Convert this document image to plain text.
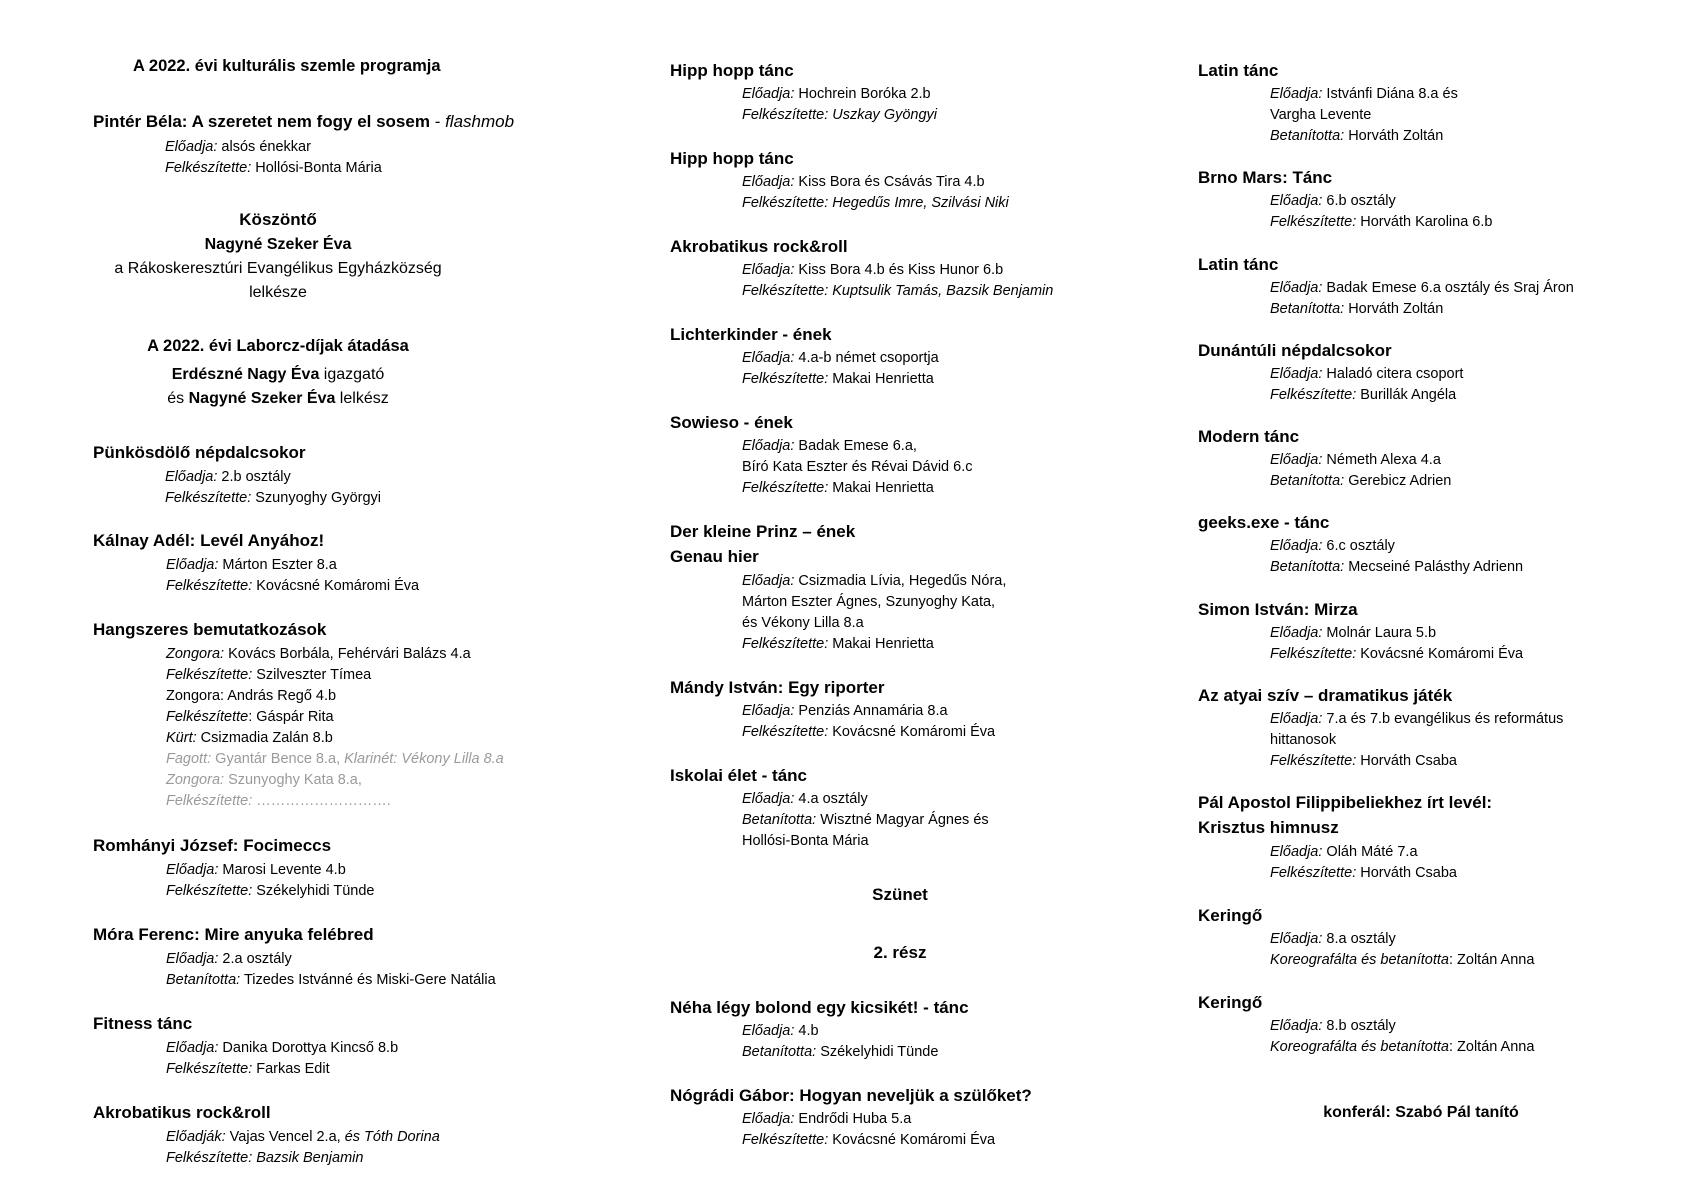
A 2022. évi kulturális szemle programja
Pintér Béla: A szeretet nem fogy el sosem - flashmob
Előadja: alsós énekkar
Felkészítette: Hollósi-Bonta Mária
Köszöntő
Nagyné Szeker Éva
a Rákoskeresztúri Evangélikus Egyházközség
lelkésze
A 2022. évi Laborcz-díjak átadása
Erdészné Nagy Éva igazgató
és Nagyné Szeker Éva lelkész
Pünkösdölő népdalcsokor
Előadja: 2.b osztály
Felkészítette: Szunyoghy Györgyi
Kálnay Adél: Levél Anyához!
Előadja: Márton Eszter 8.a
Felkészítette: Kovácsné Komáromi Éva
Hangszeres bemutatkozások
Zongora: Kovács Borbála, Fehérvári Balázs 4.a
Felkészítette: Szilveszter Tímea
Zongora: András Regő 4.b
Felkészítette: Gáspár Rita
Kürt: Csizmadia Zalán 8.b
Fagott: Gyantár Bence 8.a, Klarinét: Vékony Lilla 8.a
Zongora: Szunyoghy Kata 8.a,
Felkészítette: ……………………….
Romhányi József: Focimeccs
Előadja: Marosi Levente 4.b
Felkészítette: Székelyhidi Tünde
Móra Ferenc: Mire anyuka felébred
Előadja: 2.a osztály
Betanította: Tizedes Istvánné és Miski-Gere Natália
Fitness tánc
Előadja: Danika Dorottya Kincső 8.b
Felkészítette: Farkas Edit
Akrobatikus rock&roll
Előadják: Vajas Vencel 2.a, és Tóth Dorina
Felkészítette: Bazsik Benjamin
Hipp hopp tánc
Előadja: Hochrein Boróka 2.b
Felkészítette: Uszkay Gyöngyi
Hipp hopp tánc
Előadja: Kiss Bora és Csávás Tira 4.b
Felkészítette: Hegedűs Imre, Szilvási Niki
Akrobatikus rock&roll
Előadja: Kiss Bora 4.b és Kiss Hunor 6.b
Felkészítette: Kuptsulik Tamás, Bazsik Benjamin
Lichterkinder - ének
Előadja: 4.a-b német csoportja
Felkészítette: Makai Henrietta
Sowieso - ének
Előadja: Badak Emese 6.a,
Bíró Kata Eszter és Révai Dávid 6.c
Felkészítette: Makai Henrietta
Der kleine Prinz – ének
Genau hier
Előadja: Csizmadia Lívia, Hegedűs Nóra,
Márton Eszter Ágnes, Szunyoghy Kata,
és Vékony Lilla 8.a
Felkészítette: Makai Henrietta
Mándy István: Egy riporter
Előadja: Penziás Annamária 8.a
Felkészítette: Kovácsné Komáromi Éva
Iskolai élet - tánc
Előadja: 4.a osztály
Betanította: Wisztné Magyar Ágnes és
Hollósi-Bonta Mária
Szünet
2. rész
Néha légy bolond egy kicsikét! - tánc
Előadja: 4.b
Betanította: Székelyhidi Tünde
Nógrádi Gábor: Hogyan neveljük a szülőket?
Előadja: Endrődi Huba 5.a
Felkészítette: Kovácsné Komáromi Éva
Latin tánc
Előadja: Istvánfi Diána 8.a és
Vargha Levente
Betanította: Horváth Zoltán
Brno Mars: Tánc
Előadja: 6.b osztály
Felkészítette: Horváth Karolina 6.b
Latin tánc
Előadja: Badak Emese 6.a osztály és Sraj Áron
Betanította: Horváth Zoltán
Dunántúli népdalcsokor
Előadja: Haladó citera csoport
Felkészítette: Burillák Angéla
Modern tánc
Előadja: Németh Alexa 4.a
Betanította: Gerebicz Adrien
geeks.exe - tánc
Előadja: 6.c osztály
Betanította: Mecseiné Palásthy Adrienn
Simon István: Mirza
Előadja: Molnár Laura 5.b
Felkészítette: Kovácsné Komáromi Éva
Az atyai szív – dramatikus játék
Előadja: 7.a és 7.b evangélikus és református
hittanosok
Felkészítette: Horváth Csaba
Pál Apostol Filippibeliekhez írt levél:
Krisztus himnusz
Előadja: Oláh Máté 7.a
Felkészítette: Horváth Csaba
Keringő
Előadja: 8.a osztály
Koreografálta és betanította: Zoltán Anna
Keringő
Előadja: 8.b osztály
Koreografálta és betanította: Zoltán Anna
konferál: Szabó Pál tanító
